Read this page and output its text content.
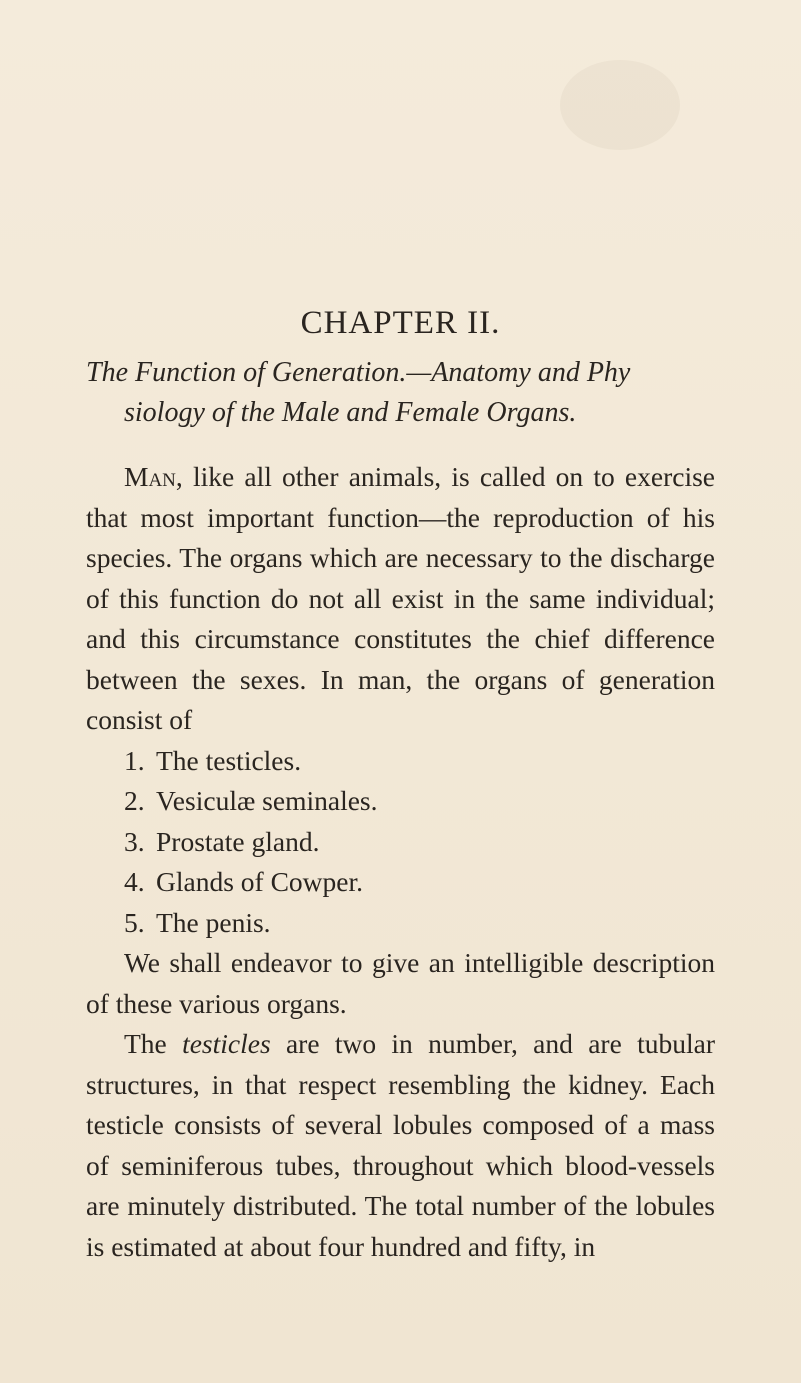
CHAPTER II.

The Function of Generation.—Anatomy and Phy
siology of the Male and Female Organs.

Man, like all other animals, is called on to exercise that most important function—the reproduction of his species. The organs which are necessary to the discharge of this function do not all exist in the same individual; and this circumstance constitutes the chief difference between the sexes. In man, the organs of generation consist of

1. The testicles.
2. Vesiculæ seminales.
3. Prostate gland.
4. Glands of Cowper.
5. The penis.

We shall endeavor to give an intelligible description of these various organs.

The testicles are two in number, and are tubular structures, in that respect resembling the kidney. Each testicle consists of several lobules composed of a mass of seminiferous tubes, throughout which blood-vessels are minutely distributed. The total number of the lobules is estimated at about four hundred and fifty, in
